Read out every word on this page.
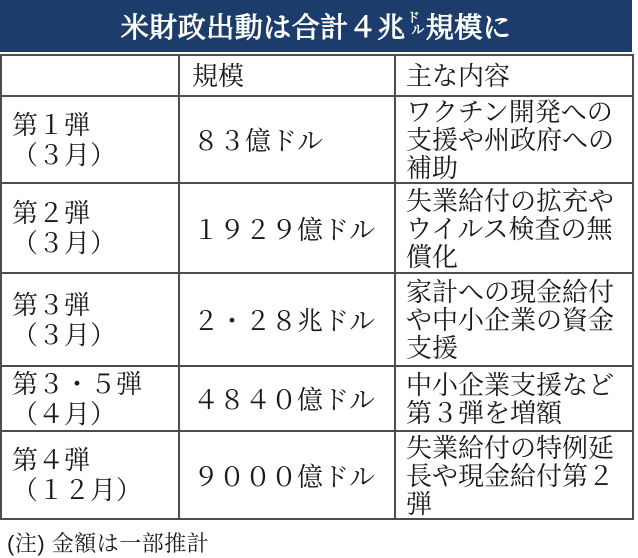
米財政出動は合計４兆 ド
ル 規模に
	規模	主な内容
第１弾
（３月）	８３億ドル	ワクチン開発への支援や州政府への補助
第２弾
（３月）	１９２９億ドル	失業給付の拡充やウイルス検査の無償化
第３弾
（３月）	２・２８兆ドル	家計への現金給付や中小企業の資金支援
第３・５弾
（４月）	４８４０億ドル	中小企業支援など第３弾を増額
第４弾
（１２月）	９０００億ドル	失業給付の特例延長や現金給付第２弾
(注) 金額は一部推計
